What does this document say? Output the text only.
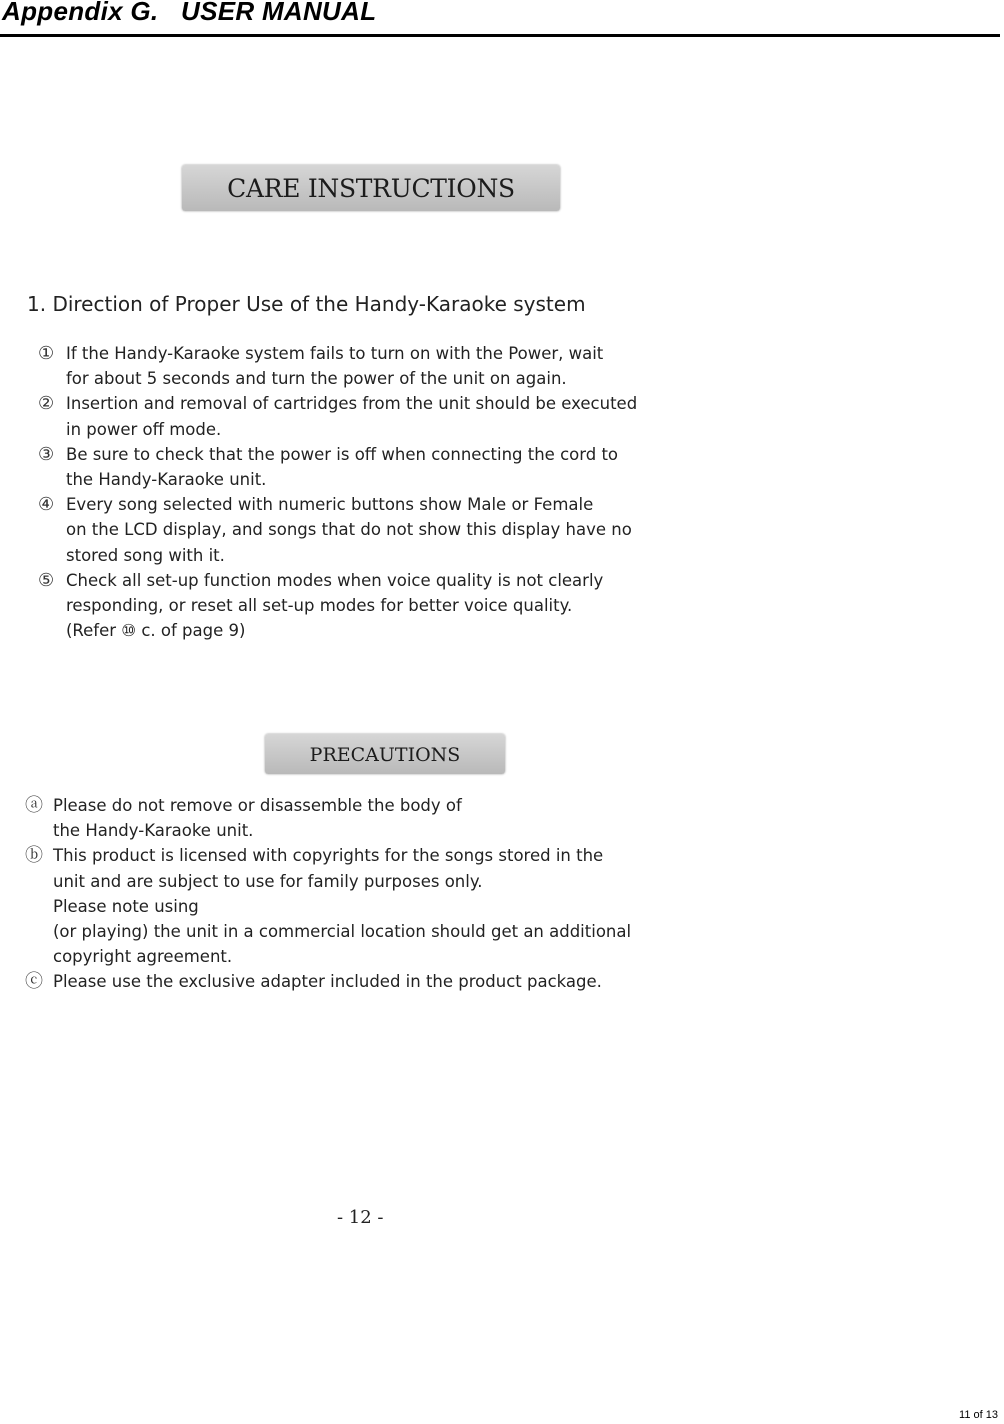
Appendix G.   USER MANUAL
CARE INSTRUCTIONS
1. Direction of Proper Use of the Handy-Karaoke system
① If the Handy-Karaoke system fails to turn on with the Power, wait
for about 5 seconds and turn the power of the unit on again.
② Insertion and removal of cartridges from the unit should be executed
in power off mode.
③ Be sure to check that the power is off when connecting the cord to
the Handy-Karaoke unit.
④ Every song selected with numeric buttons show Male or Female
on the LCD display, and songs that do not show this display have no
stored song with it.
⑤ Check all set-up function modes when voice quality is not clearly
responding, or reset all set-up modes for better voice quality.
(Refer ⑩ c. of page 9)
PRECAUTIONS
ⓐ Please do not remove or disassemble the body of
the Handy-Karaoke unit.
ⓑ This product is licensed with copyrights for the songs stored in the
unit and are subject to use for family purposes only.
Please note using
(or playing) the unit in a commercial location should get an additional
copyright agreement.
ⓒ Please use the exclusive adapter included in the product package.
- 12 -
11 of 13
